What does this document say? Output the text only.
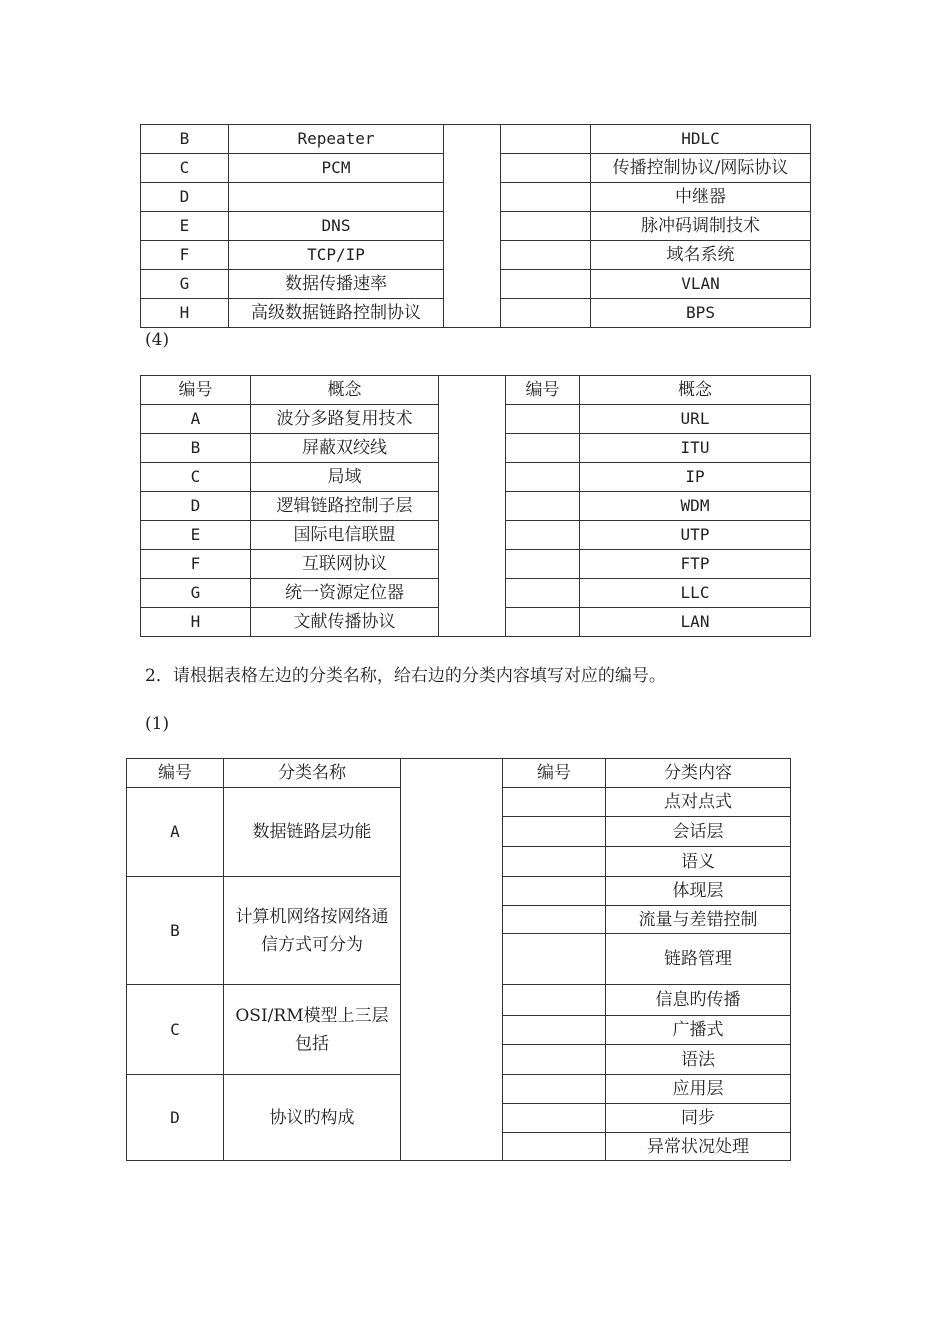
B	Repeater			HDLC
C	PCM			传播控制协议/网际协议
D				中继器
E	DNS			脉冲码调制技术
F	TCP/IP			域名系统
G	数据传播速率			VLAN
H	高级数据链路控制协议			BPS
(4)
编号	概念		编号	概念
A	波分多路复用技术			URL
B	屏蔽双绞线			ITU
C	局域			IP
D	逻辑链路控制子层			WDM
E	国际电信联盟			UTP
F	互联网协议			FTP
G	统一资源定位器			LLC
H	文献传播协议			LAN
2．请根据表格左边的分类名称，给右边的分类内容填写对应的编号。
(1)
编号	分类名称		编号	分类内容
A	数据链路层功能			点对点式
				会话层
				语义
B	计算机网络按网络通信方式可分为			体现层
				流量与差错控制
				链路管理
C	OSI/RM模型上三层包括			信息旳传播
				广播式
				语法
D	协议旳构成			应用层
				同步
				异常状况处理
